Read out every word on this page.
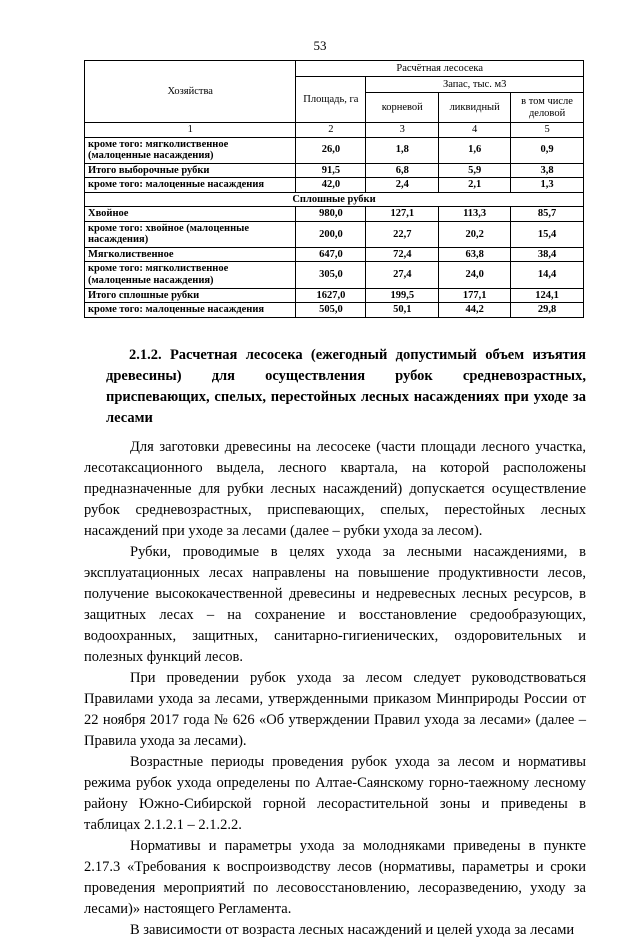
53
Хозяйства	Расчётная лесосека			
	Площадь, га	Запас, тыс. м3		
		корневой	ликвидный	в том числе деловой
1	2	3	4	5
кроме того: мягколиственное (малоценные насаждения)	26,0	1,8	1,6	0,9
Итого выборочные рубки	91,5	6,8	5,9	3,8
кроме того: малоценные насаждения	42,0	2,4	2,1	1,3
Сплошные рубки				
Хвойное	980,0	127,1	113,3	85,7
кроме того: хвойное (малоценные насаждения)	200,0	22,7	20,2	15,4
Мягколиственное	647,0	72,4	63,8	38,4
кроме того: мягколиственное (малоценные насаждения)	305,0	27,4	24,0	14,4
Итого сплошные рубки	1627,0	199,5	177,1	124,1
кроме того: малоценные насаждения	505,0	50,1	44,2	29,8
2.1.2. Расчетная лесосека (ежегодный допустимый объем изъятия древесины) для осуществления рубок средневозрастных, приспевающих, спелых, перестойных лесных насаждениях при уходе за лесами

Для заготовки древесины на лесосеке (части площади лесного участка, лесотаксационного выдела, лесного квартала, на которой расположены предназначенные для рубки лесных насаждений) допускается осуществление рубок средневозрастных, приспевающих, спелых, перестойных лесных насаждений при уходе за лесами (далее – рубки ухода за лесом).

Рубки, проводимые в целях ухода за лесными насаждениями, в эксплуатационных лесах направлены на повышение продуктивности лесов, получение высококачественной древесины и недревесных лесных ресурсов, в защитных лесах – на сохранение и восстановление средообразующих, водоохранных, защитных, санитарно-гигиенических, оздоровительных и полезных функций лесов.

При проведении рубок ухода за лесом следует руководствоваться Правилами ухода за лесами, утвержденными приказом Минприроды России от 22 ноября 2017 года № 626 «Об утверждении Правил ухода за лесами» (далее – Правила ухода за лесами).

Возрастные периоды проведения рубок ухода за лесом и нормативы режима рубок ухода определены по Алтае-Саянскому горно-таежному лесному району Южно-Сибирской горной лесорастительной зоны и приведены в таблицах 2.1.2.1 – 2.1.2.2.

Нормативы и параметры ухода за молодняками приведены в пункте 2.17.3 «Требования к воспроизводству лесов (нормативы, параметры и сроки проведения мероприятий по лесовосстановлению, лесоразведению, уходу за лесами)» настоящего Регламента.

В зависимости от возраста лесных насаждений и целей ухода за лесами
